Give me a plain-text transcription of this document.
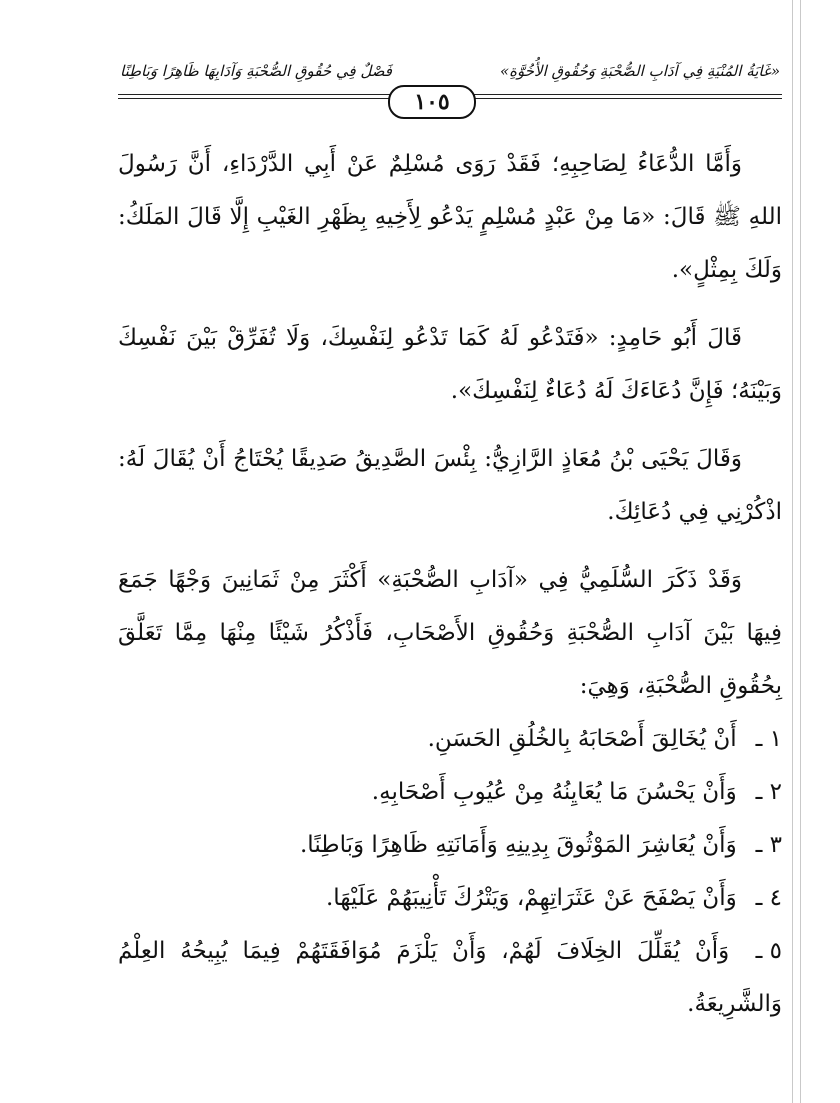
«غَايَةُ المُنْيَةِ فِي آدَابِ الصُّحْبَةِ وَحُقُوقِ الأُخُوَّةِ»
فَصْلٌ فِي حُقُوقِ الصُّحْبَةِ وَآدَابِهَا ظَاهِرًا وَبَاطِنًا
١٠٥

وَأَمَّا الدُّعَاءُ لِصَاحِبِهِ؛ فَقَدْ رَوَى مُسْلِمٌ عَنْ أَبِي الدَّرْدَاءِ، أَنَّ رَسُولَ اللهِ ﷺ قَالَ: «مَا مِنْ عَبْدٍ مُسْلِمٍ يَدْعُو لِأَخِيهِ بِظَهْرِ الغَيْبِ إِلَّا قَالَ المَلَكُ: وَلَكَ بِمِثْلٍ».

قَالَ أَبُو حَامِدٍ: «فَتَدْعُو لَهُ كَمَا تَدْعُو لِنَفْسِكَ، وَلَا تُفَرِّقْ بَيْنَ نَفْسِكَ وَبَيْنَهُ؛ فَإِنَّ دُعَاءَكَ لَهُ دُعَاءٌ لِنَفْسِكَ».

وَقَالَ يَحْيَى بْنُ مُعَاذٍ الرَّازِيُّ: بِئْسَ الصَّدِيقُ صَدِيقًا يُحْتَاجُ أَنْ يُقَالَ لَهُ: اذْكُرْنِي فِي دُعَائِكَ.

وَقَدْ ذَكَرَ السُّلَمِيُّ فِي «آدَابِ الصُّحْبَةِ» أَكْثَرَ مِنْ ثَمَانِينَ وَجْهًا جَمَعَ فِيهَا بَيْنَ آدَابِ الصُّحْبَةِ وَحُقُوقِ الأَصْحَابِ، فَأَذْكُرُ شَيْئًا مِنْهَا مِمَّا تَعَلَّقَ بِحُقُوقِ الصُّحْبَةِ، وَهِيَ:

١ ـ أَنْ يُخَالِقَ أَصْحَابَهُ بِالخُلُقِ الحَسَنِ.

٢ ـ وَأَنْ يَحْسُنَ مَا يُعَايِنُهُ مِنْ عُيُوبِ أَصْحَابِهِ.

٣ ـ وَأَنْ يُعَاشِرَ المَوْثُوقَ بِدِينِهِ وَأَمَانَتِهِ ظَاهِرًا وَبَاطِنًا.

٤ ـ وَأَنْ يَصْفَحَ عَنْ عَثَرَاتِهِمْ، وَيَتْرُكَ تَأْنِيبَهُمْ عَلَيْهَا.

٥ ـ وَأَنْ يُقَلِّلَ الخِلَافَ لَهُمْ، وَأَنْ يَلْزَمَ مُوَافَقَتَهُمْ فِيمَا يُبِيحُهُ العِلْمُ وَالشَّرِيعَةُ.
